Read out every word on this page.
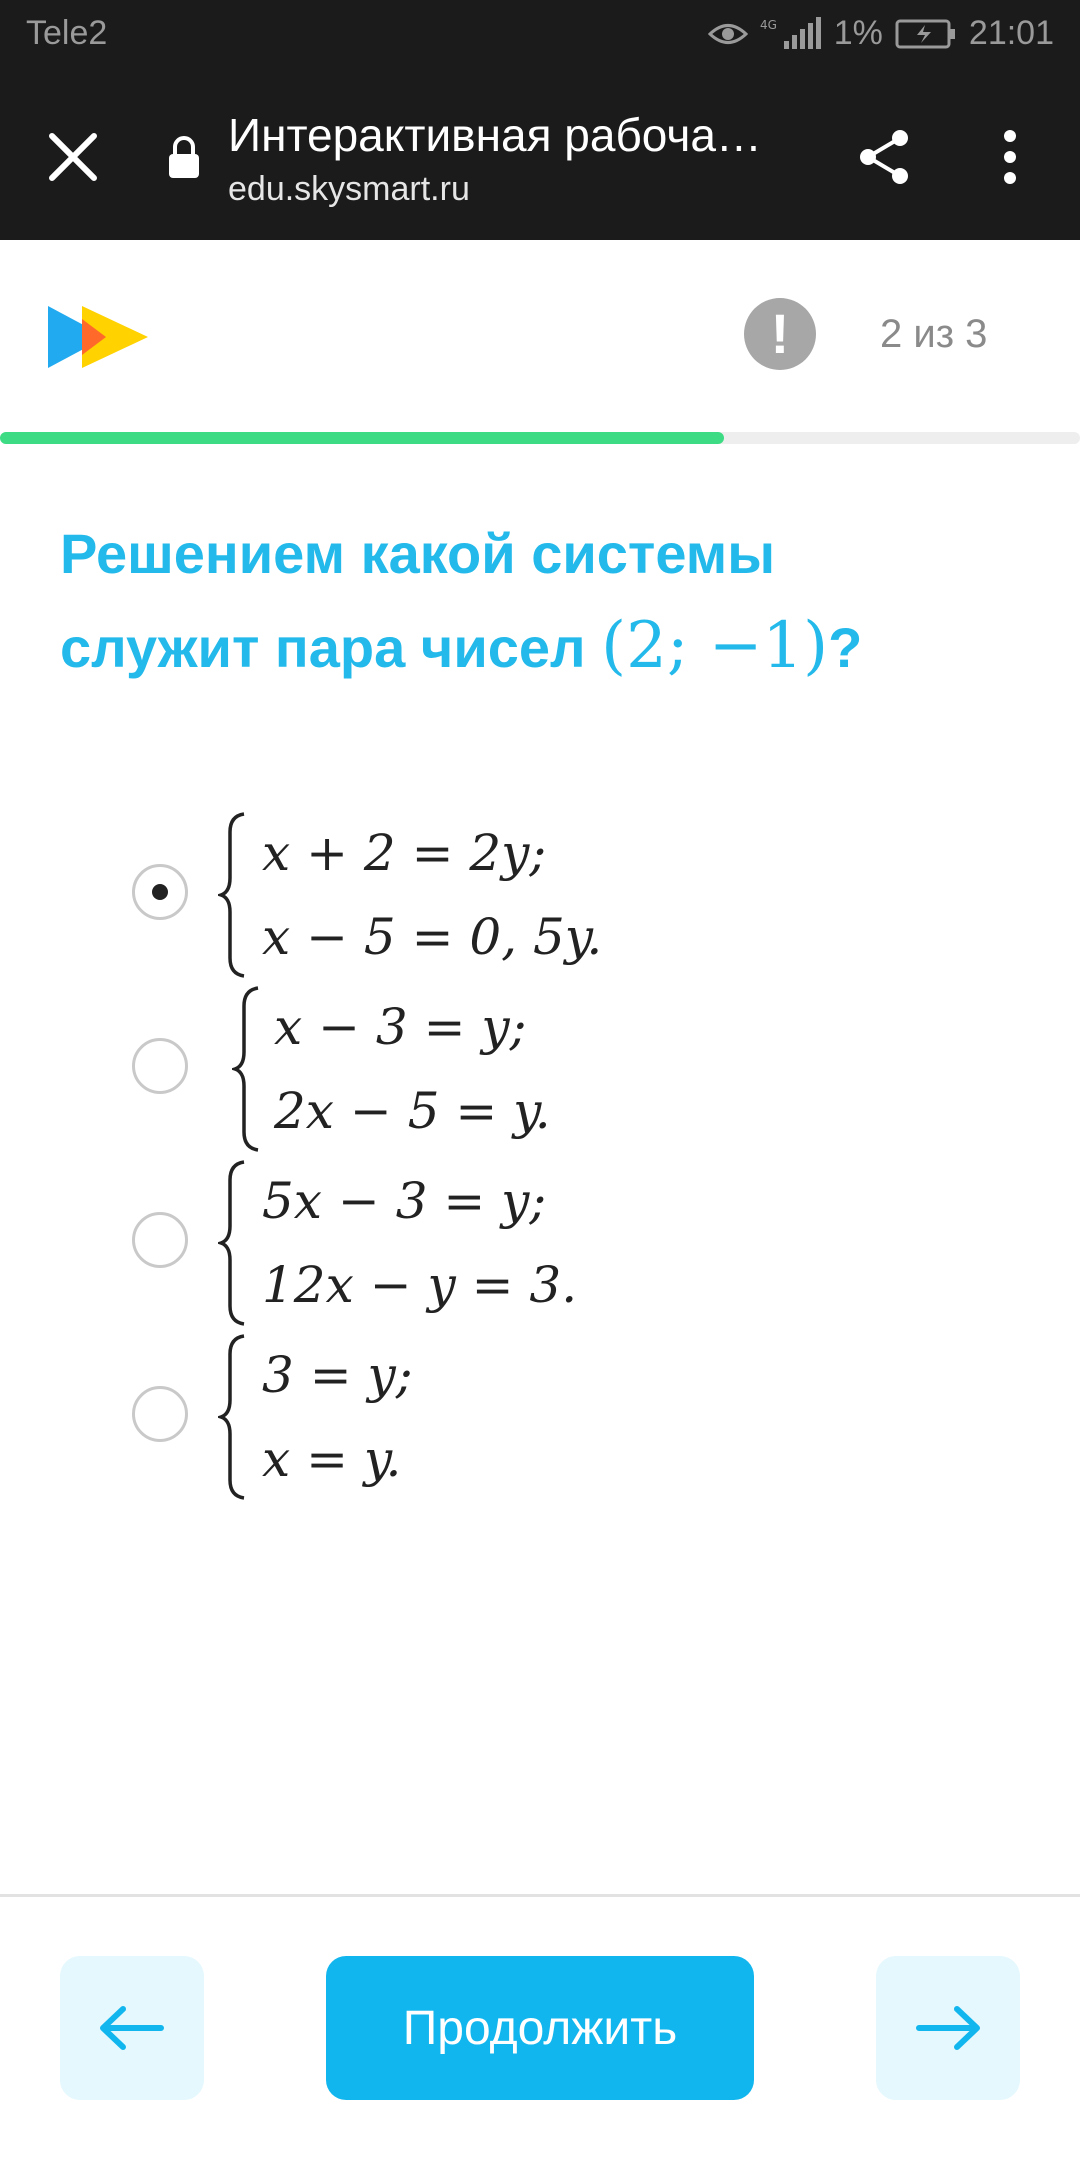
Tele2	4G 1%	21:01
Интерактивная рабоча…
edu.skysmart.ru
! 2 из 3
Решением какой системы служит пара чисел (2; −1)?
x + 2 = 2y;
x − 5 = 0, 5y.
x − 3 = y;
2x − 5 = y.
5x − 3 = y;
12x − y = 3.
3 = y;
x = y.
Продолжить
